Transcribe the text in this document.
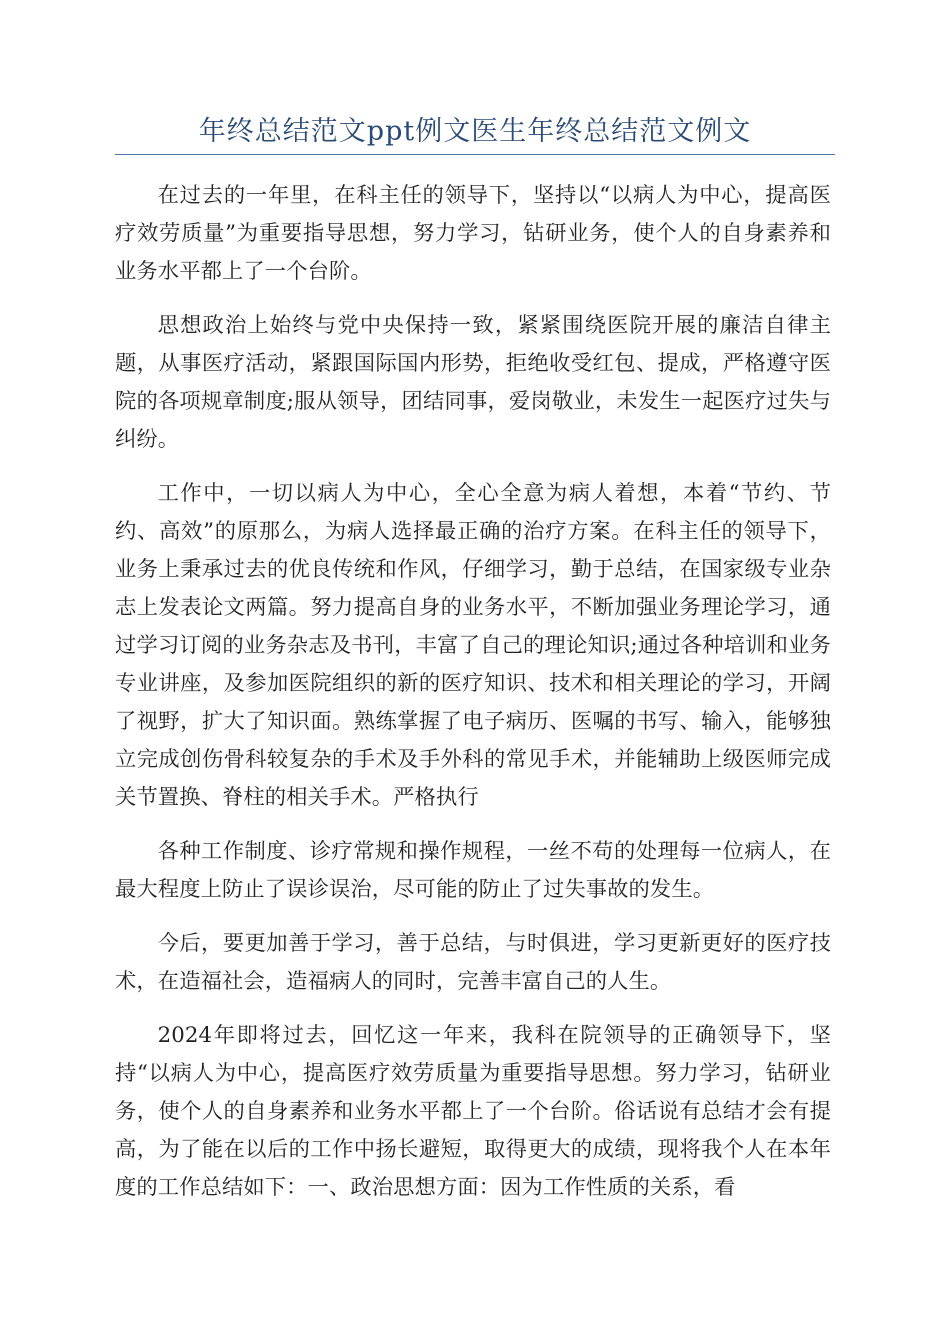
年终总结范文ppt例文医生年终总结范文例文

在过去的一年里，在科主任的领导下，坚持以“以病人为中心，提高医疗效劳质量”为重要指导思想，努力学习，钻研业务，使个人的自身素养和业务水平都上了一个台阶。

思想政治上始终与党中央保持一致，紧紧围绕医院开展的廉洁自律主题，从事医疗活动，紧跟国际国内形势，拒绝收受红包、提成，严格遵守医院的各项规章制度;服从领导，团结同事，爱岗敬业，未发生一起医疗过失与纠纷。

工作中，一切以病人为中心，全心全意为病人着想，本着“节约、节约、高效”的原那么，为病人选择最正确的治疗方案。在科主任的领导下，业务上秉承过去的优良传统和作风，仔细学习，勤于总结，在国家级专业杂志上发表论文两篇。努力提高自身的业务水平，不断加强业务理论学习，通过学习订阅的业务杂志及书刊，丰富了自己的理论知识;通过各种培训和业务专业讲座，及参加医院组织的新的医疗知识、技术和相关理论的学习，开阔了视野，扩大了知识面。熟练掌握了电子病历、医嘱的书写、输入，能够独立完成创伤骨科较复杂的手术及手外科的常见手术，并能辅助上级医师完成关节置换、脊柱的相关手术。严格执行

各种工作制度、诊疗常规和操作规程，一丝不苟的处理每一位病人，在最大程度上防止了误诊误治，尽可能的防止了过失事故的发生。

今后，要更加善于学习，善于总结，与时俱进，学习更新更好的医疗技术，在造福社会，造福病人的同时，完善丰富自己的人生。

2024年即将过去，回忆这一年来，我科在院领导的正确领导下，坚持“以病人为中心，提高医疗效劳质量为重要指导思想。努力学习，钻研业务，使个人的自身素养和业务水平都上了一个台阶。俗话说有总结才会有提高，为了能在以后的工作中扬长避短，取得更大的成绩，现将我个人在本年度的工作总结如下：一、政治思想方面：因为工作性质的关系，看
